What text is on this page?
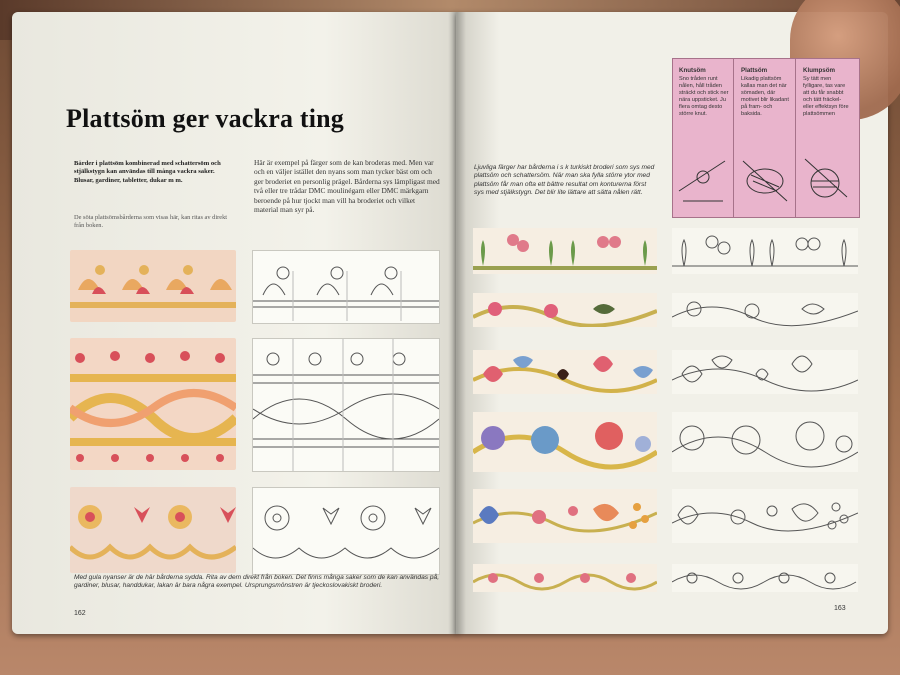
Plattsöm ger vackra ting
Bårder i plattsöm kombinerad med schattersöm och stjälkstygn kan användas till många vackra saker. Blusar, gardiner, tabletter, dukar m m.
De söta plattsömsbårderna som visas här, kan ritas av direkt från boken.
Här är exempel på färger som de kan broderas med. Men var och en väljer istället den nyans som man tycker bäst om och ger broderiet en personlig prägel. Bårderna sys lämpligast med två eller tre trådar DMC moulinégarn eller DMC märkgarn beroende på hur tjockt man vill ha broderiet och vilket material man syr på.
Med gula nyanser är de här bårderna sydda. Rita av dem direkt från boken. Det finns många saker som de kan användas på, gardiner, blusar, handdukar, lakan är bara några exempel. Ursprungsmönstren är tjeckoslovakiskt broderi.
162
Ljuvliga färger har bårderna i s k turkiskt broderi som sys med plattsöm och schattersöm. När man ska fylla större ytor med plattsöm får man ofta ett bättre resultat om konturerna först sys med stjälkstygn. Det blir lite lättare att sätta nålen rätt.
Knutsöm
Sno tråden runt nålen, håll tråden sträckt och stick ner nära uppsticket. Ju flera omtag desto större knut.
Plattsöm
Likadig plattsöm kallas man det när sömaden, där motivet blir likadant på fram- och baksida.
Klumpsöm
Sy tätt men fylligare, tas vare att du får snabbt och tätt fräckel- eller effektsyn före plattsömmen
163
